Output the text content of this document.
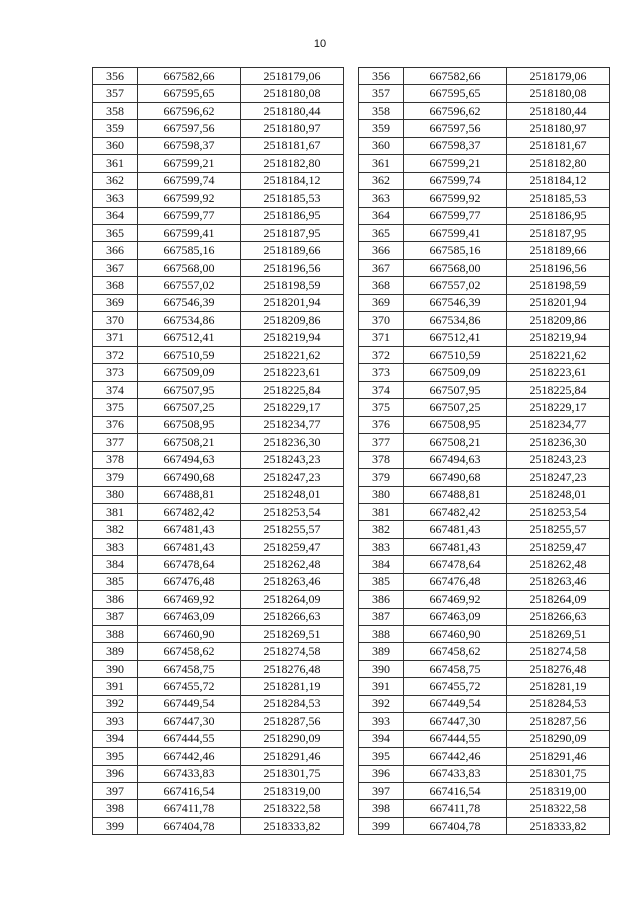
10
356	667582,66	2518179,06
357	667595,65	2518180,08
358	667596,62	2518180,44
359	667597,56	2518180,97
360	667598,37	2518181,67
361	667599,21	2518182,80
362	667599,74	2518184,12
363	667599,92	2518185,53
364	667599,77	2518186,95
365	667599,41	2518187,95
366	667585,16	2518189,66
367	667568,00	2518196,56
368	667557,02	2518198,59
369	667546,39	2518201,94
370	667534,86	2518209,86
371	667512,41	2518219,94
372	667510,59	2518221,62
373	667509,09	2518223,61
374	667507,95	2518225,84
375	667507,25	2518229,17
376	667508,95	2518234,77
377	667508,21	2518236,30
378	667494,63	2518243,23
379	667490,68	2518247,23
380	667488,81	2518248,01
381	667482,42	2518253,54
382	667481,43	2518255,57
383	667481,43	2518259,47
384	667478,64	2518262,48
385	667476,48	2518263,46
386	667469,92	2518264,09
387	667463,09	2518266,63
388	667460,90	2518269,51
389	667458,62	2518274,58
390	667458,75	2518276,48
391	667455,72	2518281,19
392	667449,54	2518284,53
393	667447,30	2518287,56
394	667444,55	2518290,09
395	667442,46	2518291,46
396	667433,83	2518301,75
397	667416,54	2518319,00
398	667411,78	2518322,58
399	667404,78	2518333,82
356	667582,66	2518179,06
357	667595,65	2518180,08
358	667596,62	2518180,44
359	667597,56	2518180,97
360	667598,37	2518181,67
361	667599,21	2518182,80
362	667599,74	2518184,12
363	667599,92	2518185,53
364	667599,77	2518186,95
365	667599,41	2518187,95
366	667585,16	2518189,66
367	667568,00	2518196,56
368	667557,02	2518198,59
369	667546,39	2518201,94
370	667534,86	2518209,86
371	667512,41	2518219,94
372	667510,59	2518221,62
373	667509,09	2518223,61
374	667507,95	2518225,84
375	667507,25	2518229,17
376	667508,95	2518234,77
377	667508,21	2518236,30
378	667494,63	2518243,23
379	667490,68	2518247,23
380	667488,81	2518248,01
381	667482,42	2518253,54
382	667481,43	2518255,57
383	667481,43	2518259,47
384	667478,64	2518262,48
385	667476,48	2518263,46
386	667469,92	2518264,09
387	667463,09	2518266,63
388	667460,90	2518269,51
389	667458,62	2518274,58
390	667458,75	2518276,48
391	667455,72	2518281,19
392	667449,54	2518284,53
393	667447,30	2518287,56
394	667444,55	2518290,09
395	667442,46	2518291,46
396	667433,83	2518301,75
397	667416,54	2518319,00
398	667411,78	2518322,58
399	667404,78	2518333,82
